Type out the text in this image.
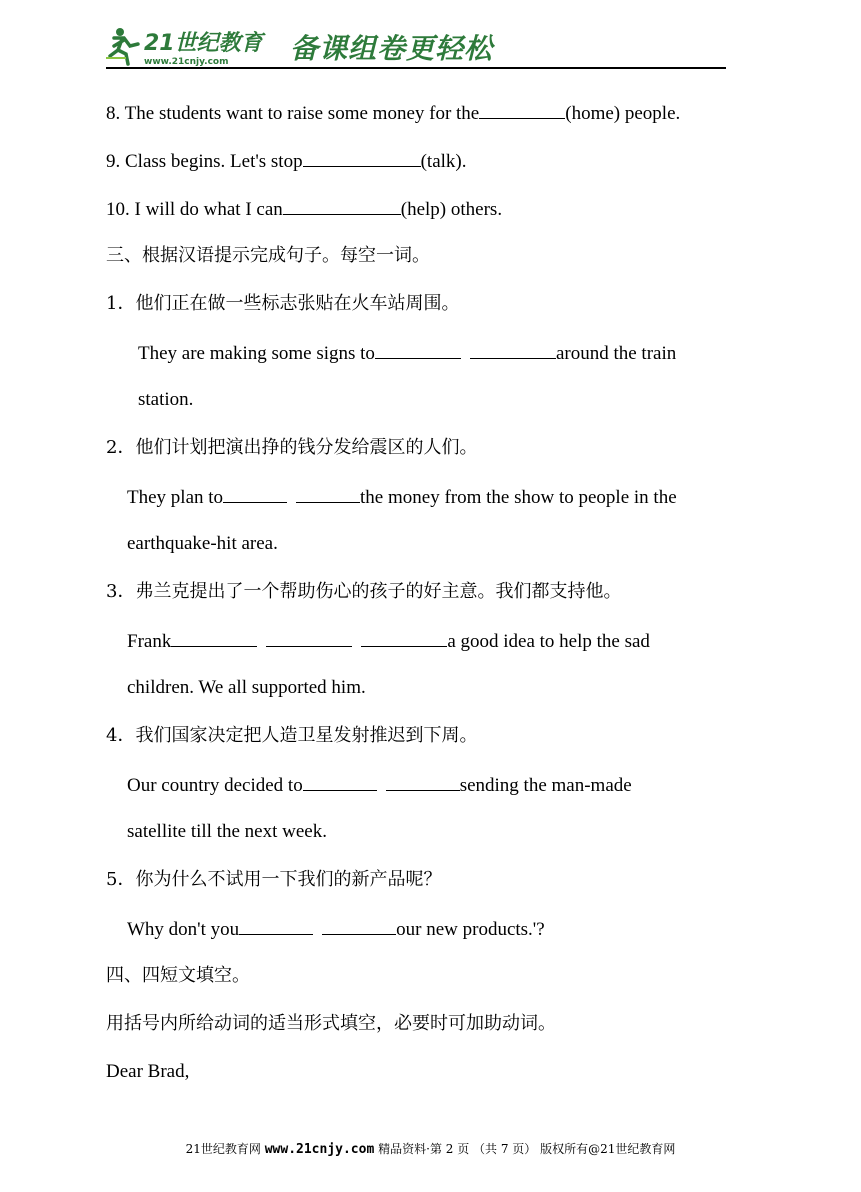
21世纪教育
www.21cnjy.com 备课组卷更轻松
8. The students want to raise some money for the	(home) people.
9. Class begins. Let's stop	(talk).
10. I will do what I can	(help) others.
三、根据汉语提示完成句子。每空一词。
1．他们正在做一些标志张贴在火车站周围。
They are making some signs to	around the train
station.
2．他们计划把演出挣的钱分发给震区的人们。
They plan to	the money from the show to people in the
earthquake-hit area.
3．弗兰克提出了一个帮助伤心的孩子的好主意。我们都支持他。
Frank	a good idea to help the sad
children. We all supported him.
4．我们国家决定把人造卫星发射推迟到下周。
Our country decided to	sending the man-made
satellite till the next week.
5．你为什么不试用一下我们的新产品呢？
Why don't you	our new products.'?
四、四短文填空。
用括号内所给动词的适当形式填空，必要时可加助动词。
Dear Brad,
21世纪教育网 www.21cnjy.com 精品资料·第 2 页 （共 7 页） 版权所有@21世纪教育网
